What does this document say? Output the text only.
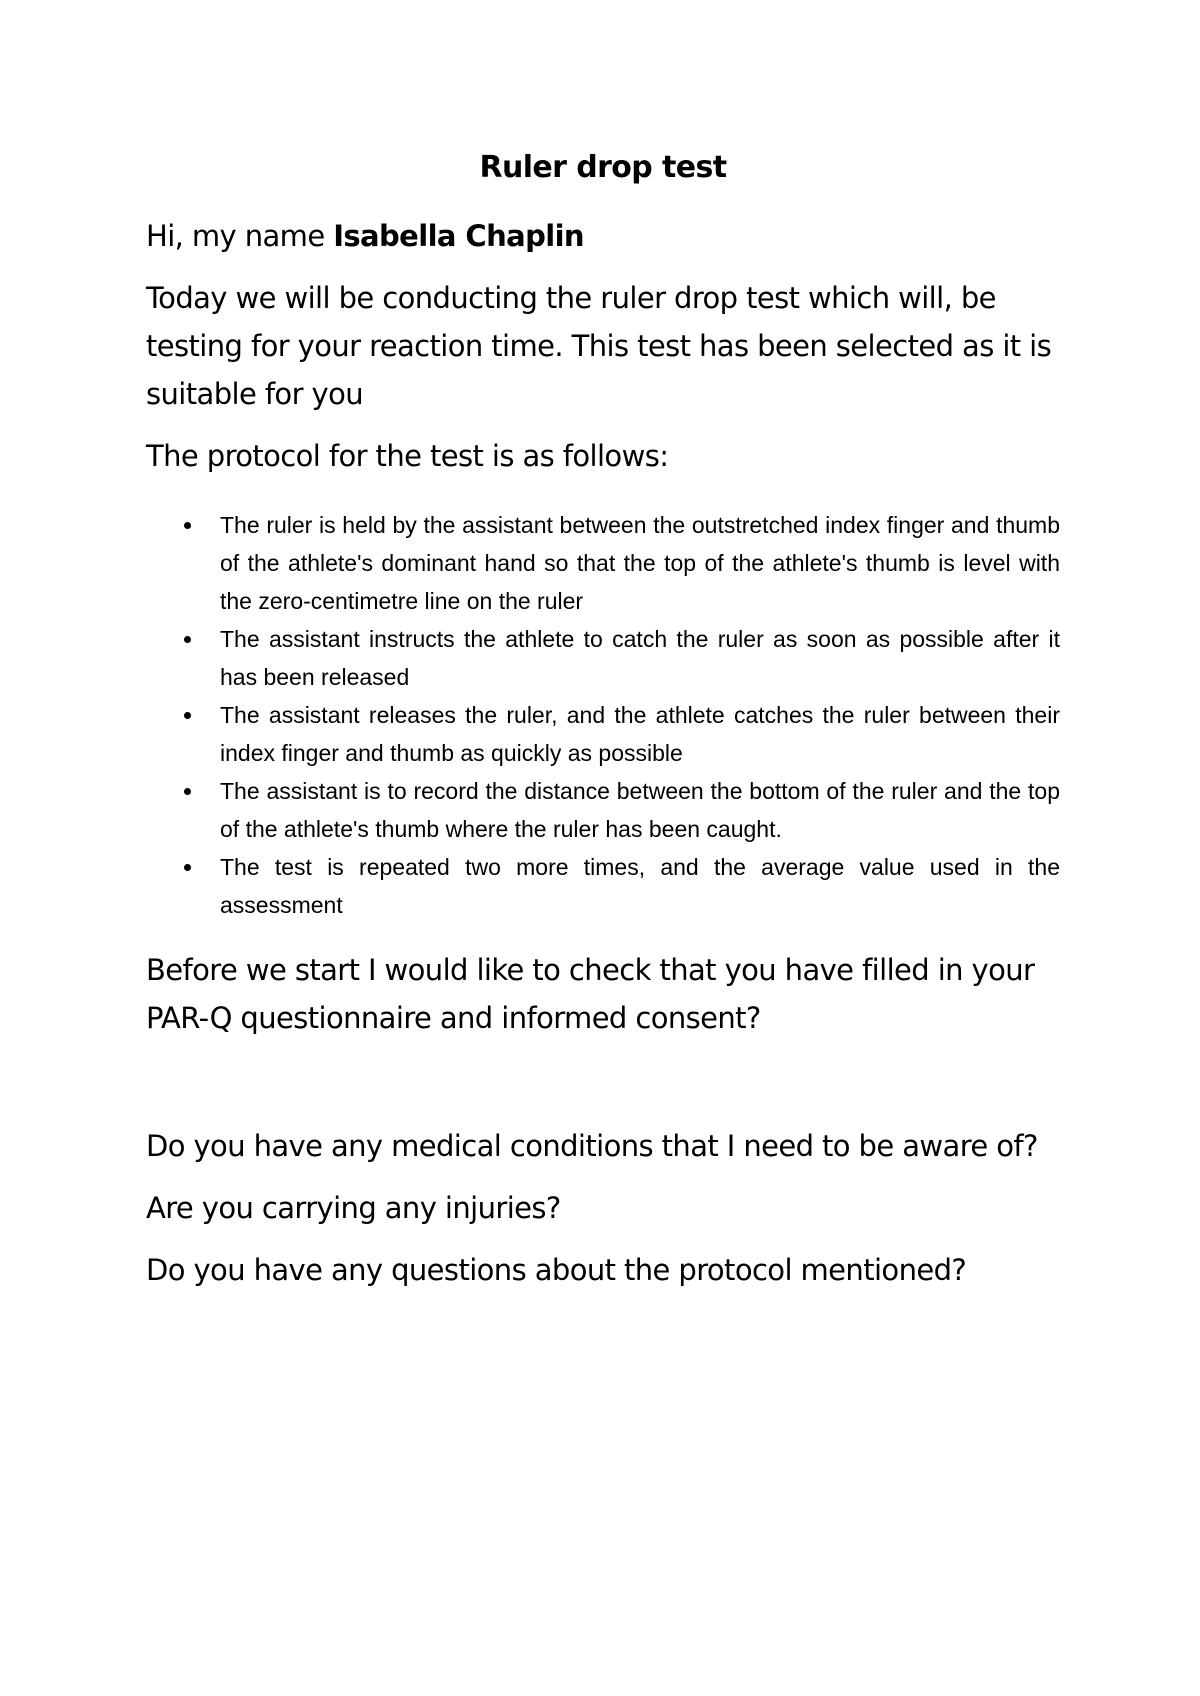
Ruler drop test

Hi, my name Isabella Chaplin

Today we will be conducting the ruler drop test which will, be testing for your reaction time. This test has been selected as it is suitable for you

The protocol for the test is as follows:

The ruler is held by the assistant between the outstretched index finger and thumb of the athlete's dominant hand so that the top of the athlete's thumb is level with the zero-centimetre line on the ruler
The assistant instructs the athlete to catch the ruler as soon as possible after it has been released
The assistant releases the ruler, and the athlete catches the ruler between their index finger and thumb as quickly as possible
The assistant is to record the distance between the bottom of the ruler and the top of the athlete's thumb where the ruler has been caught.
The test is repeated two more times, and the average value used in the assessment

Before we start I would like to check that you have filled in your PAR-Q questionnaire and informed consent?

Do you have any medical conditions that I need to be aware of?

Are you carrying any injuries?

Do you have any questions about the protocol mentioned?
